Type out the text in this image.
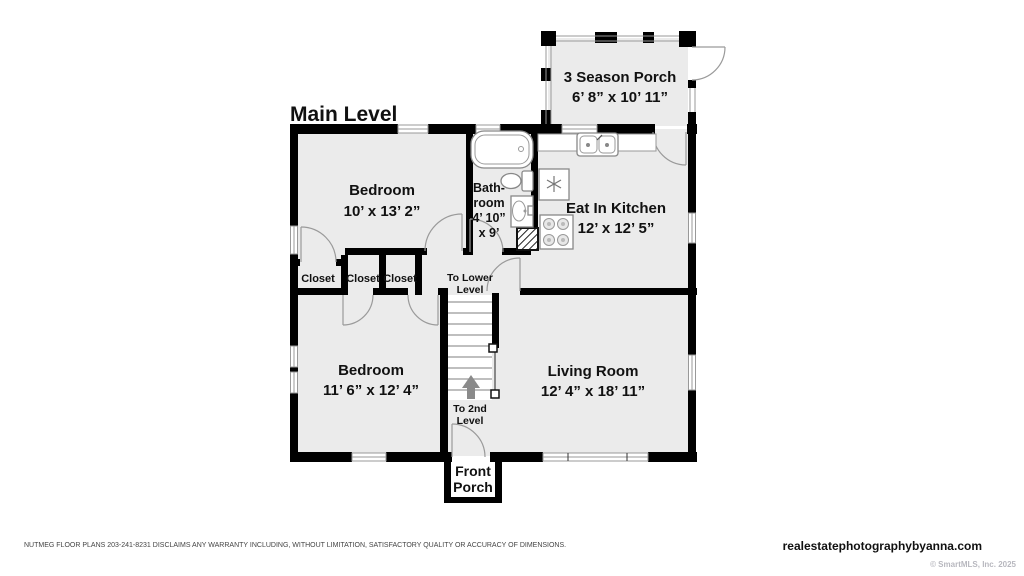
Main Level
3 Season Porch
6’ 8” x 10’ 11”
Bedroom
10’ x 13’ 2”
Bath-
room
4’ 10”
x 9’
Eat In Kitchen
12’ x 12’ 5”
Closet Closet Closet	To Lower
Level
Bedroom
11’ 6” x 12’ 4”
Living Room
12’ 4” x 18’ 11”
To 2nd
Level
Front
Porch
NUTMEG FLOOR PLANS 203-241-8231 DISCLAIMS ANY WARRANTY INCLUDING, WITHOUT LIMITATION, SATISFACTORY QUALITY OR ACCURACY OF DIMENSIONS.	realestatephotographybyanna.com
© SmartMLS, Inc. 2025
